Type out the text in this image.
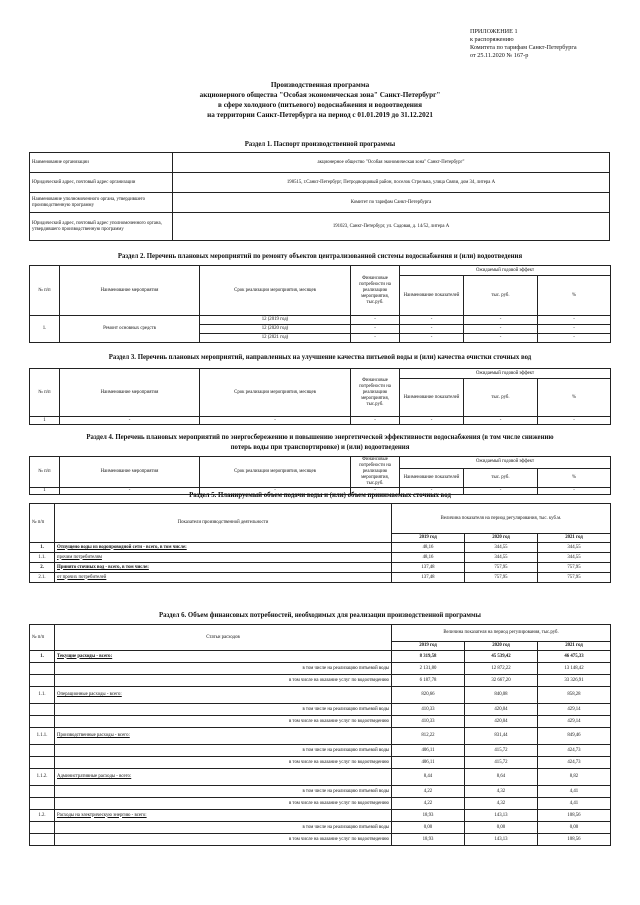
ПРИЛОЖЕНИЕ 1
к распоряжению
Комитета по тарифам Санкт-Петербурга
от 25.11.2020 № 167-р
Производственная программа
акционерного общества "Особая экономическая зона" Санкт-Петербург"
в сфере холодного (питьевого) водоснабжения и водоотведения
на территории Санкт-Петербурга на период с 01.01.2019 до 31.12.2021
Раздел 1. Паспорт производственной программы
Наименование организации	акционерное общество "Особая экономическая зона" Санкт-Петербург"
Юридический адрес, почтовый адрес организации	198515, г.Санкт-Петербург, Петродворцовый район, поселок Стрельна, улица Связи, дом 34, литера А
Наименование уполномоченного органа, утвердившего производственную программу	Комитет по тарифам Санкт-Петербурга
Юридический адрес, почтовый адрес уполномоченного органа, утвердившего производственную программу	191023, Санкт-Петербург, ул. Садовая, д. 14/52, литера А
Раздел 2. Перечень плановых мероприятий по ремонту объектов централизованной системы водоснабжения и (или) водоотведения
№ п/п	Наименование мероприятия	Срок реализации мероприятия, месяцев	Финансовые потребности на реализацию мероприятия, тыс.руб.	Ожидаемый годовой эффект		
				Наименование показателей	тыс. руб.	%
1.	Ремонт основных средств	12 (2019 год)	-	-	-	-
		12 (2020 год)	-	-	-	-
		12 (2021 год)	-	-	-	-
Раздел 3. Перечень плановых мероприятий, направленных на улучшение качества питьевой воды и (или) качества очистки сточных вод
№ п/п	Наименование мероприятия	Срок реализации мероприятия, месяцев	Финансовые потребности на реализацию мероприятия, тыс.руб.	Ожидаемый годовой эффект		
				Наименование показателей	тыс. руб.	%
1	-	-	-	-	-	-
Раздел 4. Перечень плановых мероприятий по энергосбережению и повышению энергетической эффективности водоснабжения (в том числе снижению
потерь воды при транспортировке) и (или) водоотведения
№ п/п	Наименование мероприятия	Срок реализации мероприятия, месяцев	Финансовые потребности на реализацию мероприятия, тыс.руб.	Ожидаемый годовой эффект		
				Наименование показателей	тыс. руб.	%
1	-	-	-	-	-	-
Раздел 5. Планируемый объем подачи воды и (или) объем принимаемых сточных вод
№ п/п	Показатели производственной деятельности	Величина показателя на период регулирования, тыс. куб.м.		
		2019 год	2020 год	2021 год
1.	Отпущено воды из водопроводной сети - всего, в том числе:	48,16	344,55	344,55
1.1.	прочим потребителям	48,16	344,55	344,55
2.	Принято сточных вод - всего, в том числе:	137,48	757,95	757,95
2.1.	от прочих потребителей	137,48	757,95	757,95
Раздел 6. Объем финансовых потребностей, необходимых для реализации производственной программы
№ п/п	Статьи расходов	Величина показателя на период регулирования, тыс.руб.		
		2019 год	2020 год	2021 год
1.	Текущие расходы - всего:	8 319,58	45 539,42	46 475,33
	в том числе на реализацию питьевой воды	2 131,80	12 872,22	13 148,42
	в том числе на оказание услуг по водоотведению	6 187,78	32 667,20	33 326,91
1.1.	Операционные расходы - всего:	820,66	840,08	858,28
	в том числе на реализацию питьевой воды	410,33	420,04	429,14
	в том числе на оказание услуг по водоотведению	410,33	420,04	429,14
1.1.1.	Производственные расходы - всего:	812,22	831,44	849,46
	в том числе на реализацию питьевой воды	406,11	415,72	424,73
	в том числе на оказание услуг по водоотведению	406,11	415,72	424,73
1.1.2.	Административные расходы - всего:	8,44	8,64	8,82
	в том числе на реализацию питьевой воды	4,22	4,32	4,41
	в том числе на оказание услуг по водоотведению	4,22	4,32	4,41
1.2.	Расходы на электрическую энергию - всего:	18,93	143,13	108,56
	в том числе на реализацию питьевой воды	0,00	0,00	0,00
	в том числе на оказание услуг по водоотведению	18,93	143,13	108,56
